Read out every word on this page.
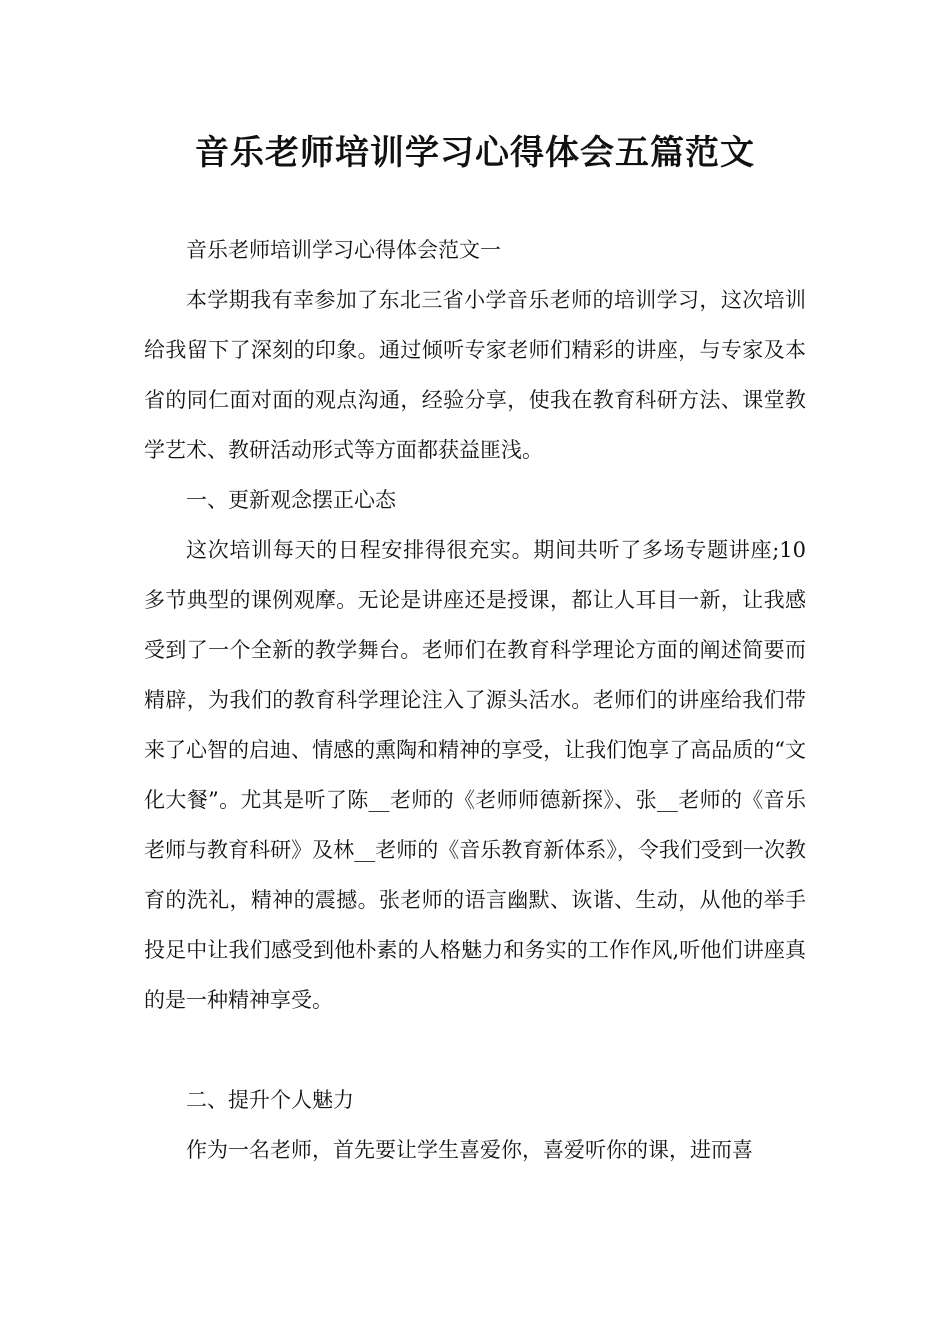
音乐老师培训学习心得体会五篇范文

音乐老师培训学习心得体会范文一

本学期我有幸参加了东北三省小学音乐老师的培训学习，这次培训给我留下了深刻的印象。通过倾听专家老师们精彩的讲座，与专家及本省的同仁面对面的观点沟通，经验分享，使我在教育科研方法、课堂教学艺术、教研活动形式等方面都获益匪浅。

一、更新观念摆正心态

这次培训每天的日程安排得很充实。期间共听了多场专题讲座;10多节典型的课例观摩。无论是讲座还是授课，都让人耳目一新，让我感受到了一个全新的教学舞台。老师们在教育科学理论方面的阐述简要而精辟，为我们的教育科学理论注入了源头活水。老师们的讲座给我们带来了心智的启迪、情感的熏陶和精神的享受，让我们饱享了高品质的“文化大餐”。尤其是听了陈__老师的《老师师德新探》、张__老师的《音乐老师与教育科研》及林__老师的《音乐教育新体系》，令我们受到一次教育的洗礼，精神的震撼。张老师的语言幽默、诙谐、生动，从他的举手投足中让我们感受到他朴素的人格魅力和务实的工作作风,听他们讲座真的是一种精神享受。

二、提升个人魅力

作为一名老师，首先要让学生喜爱你，喜爱听你的课，进而喜
